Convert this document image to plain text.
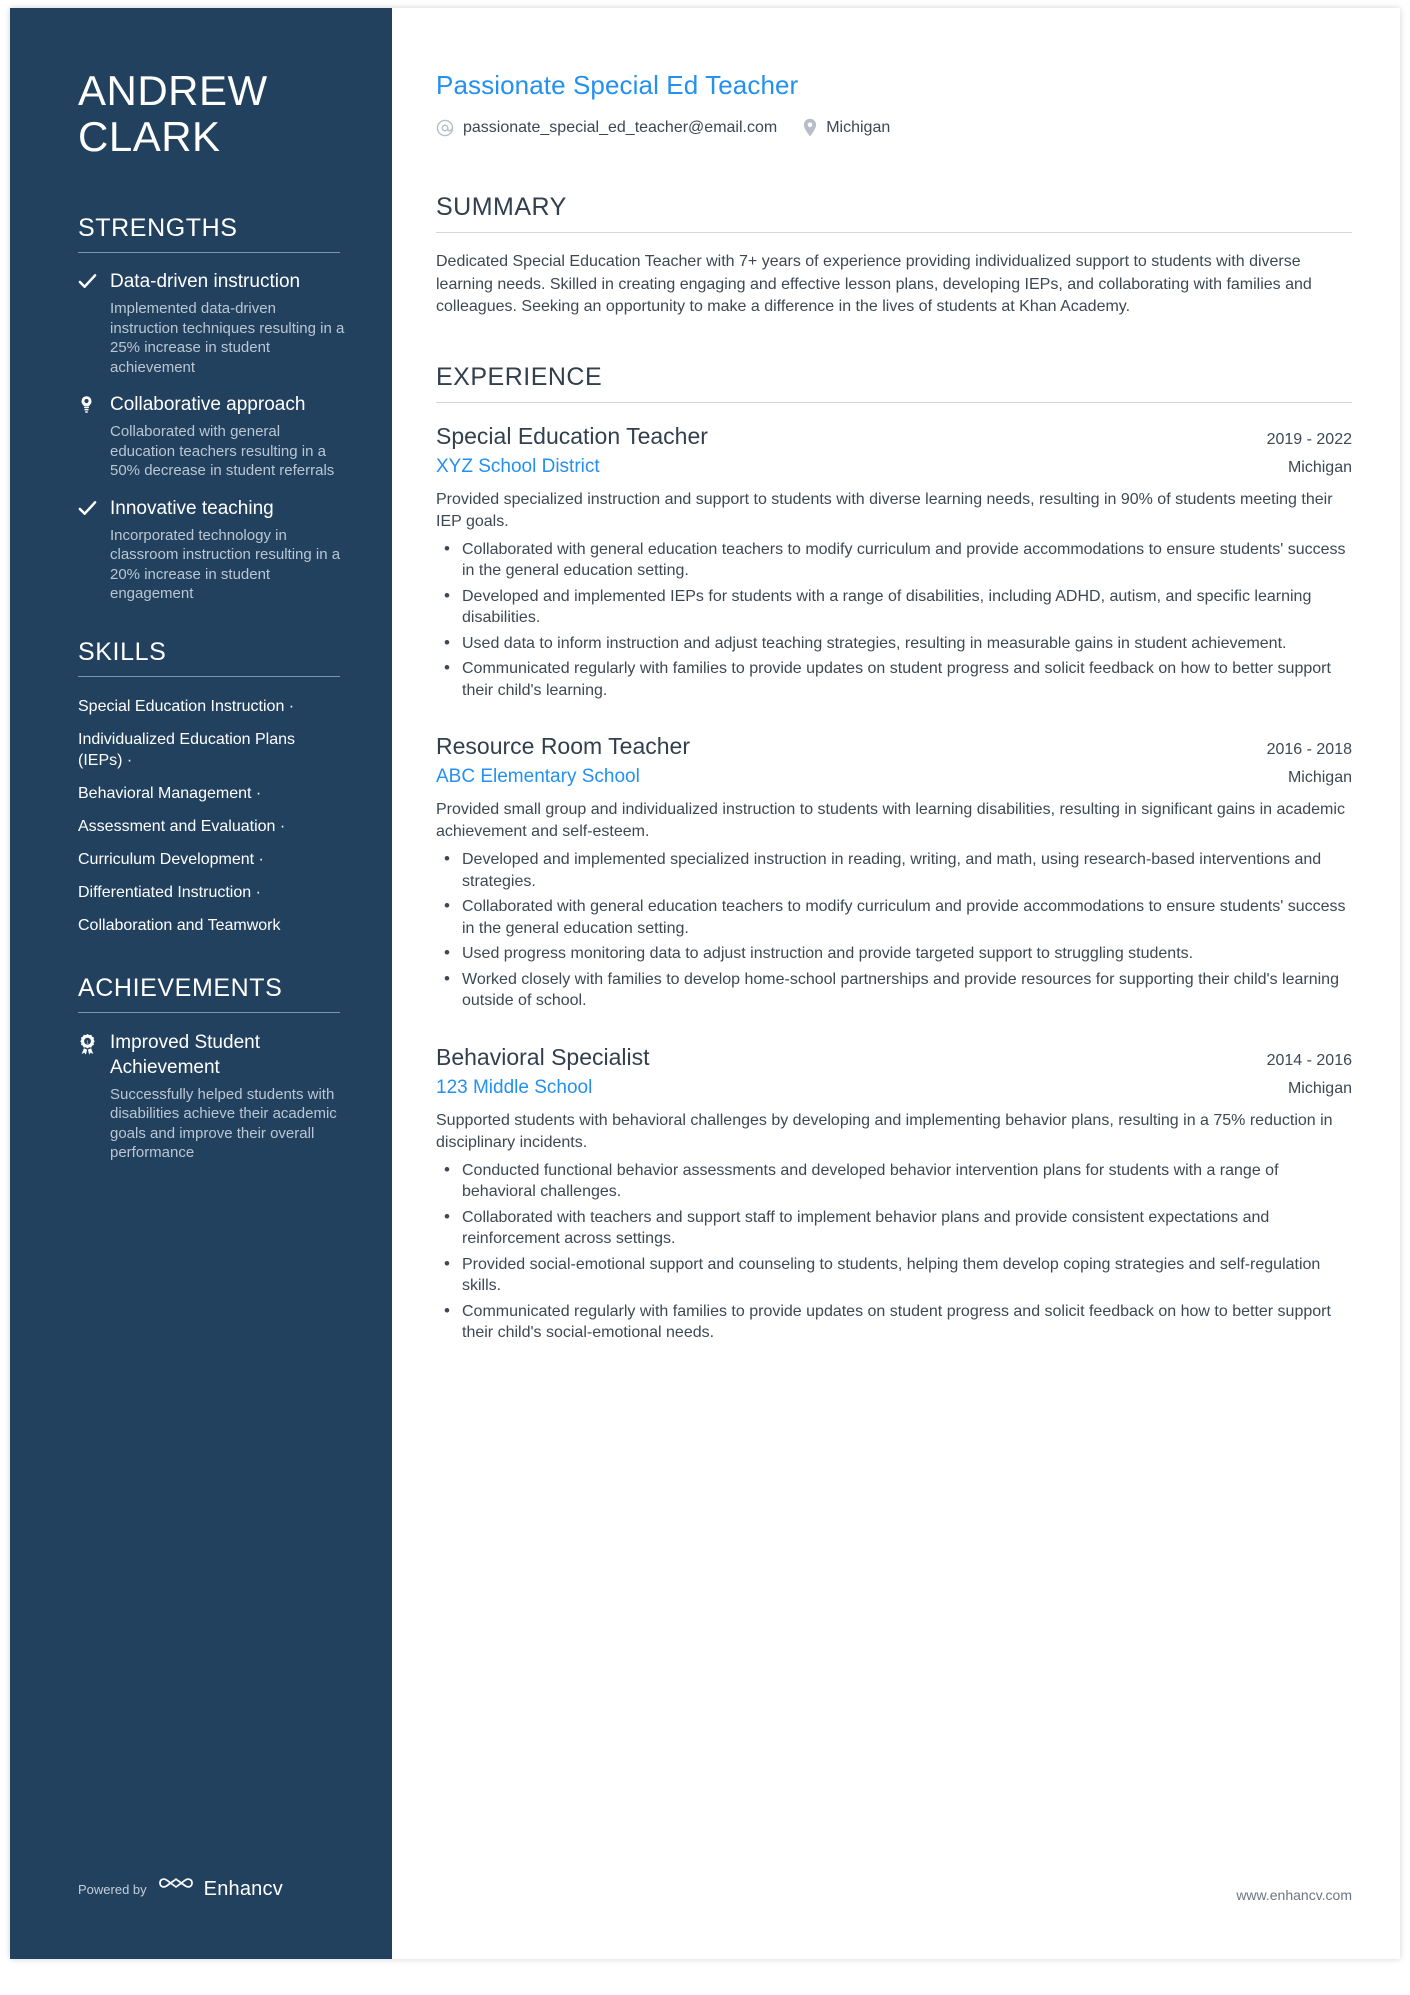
ANDREW
CLARK
STRENGTHS
Data-driven instruction
Implemented data-driven instruction techniques resulting in a 25% increase in student achievement
Collaborative approach
Collaborated with general education teachers resulting in a 50% decrease in student referrals
Innovative teaching
Incorporated technology in classroom instruction resulting in a 20% increase in student engagement
SKILLS
Special Education Instruction ·
Individualized Education Plans (IEPs) ·
Behavioral Management ·
Assessment and Evaluation ·
Curriculum Development ·
Differentiated Instruction ·
Collaboration and Teamwork
ACHIEVEMENTS
1 Improved Student Achievement
Successfully helped students with disabilities achieve their academic goals and improve their overall performance
Powered by	Enhancv
Passionate Special Ed Teacher
passionate_special_ed_teacher@email.com	Michigan
SUMMARY

Dedicated Special Education Teacher with 7+ years of experience providing individualized support to students with diverse learning needs. Skilled in creating engaging and effective lesson plans, developing IEPs, and collaborating with families and colleagues. Seeking an opportunity to make a difference in the lives of students at Khan Academy.

EXPERIENCE
Special Education Teacher	2019 - 2022
XYZ School District	Michigan

Provided specialized instruction and support to students with diverse learning needs, resulting in 90% of students meeting their IEP goals.

• Collaborated with general education teachers to modify curriculum and provide accommodations to ensure students' success in the general education setting.
• Developed and implemented IEPs for students with a range of disabilities, including ADHD, autism, and specific learning disabilities.
• Used data to inform instruction and adjust teaching strategies, resulting in measurable gains in student achievement.
• Communicated regularly with families to provide updates on student progress and solicit feedback on how to better support their child's learning.
Resource Room Teacher	2016 - 2018
ABC Elementary School	Michigan

Provided small group and individualized instruction to students with learning disabilities, resulting in significant gains in academic achievement and self-esteem.

• Developed and implemented specialized instruction in reading, writing, and math, using research-based interventions and strategies.
• Collaborated with general education teachers to modify curriculum and provide accommodations to ensure students' success in the general education setting.
• Used progress monitoring data to adjust instruction and provide targeted support to struggling students.
• Worked closely with families to develop home-school partnerships and provide resources for supporting their child's learning outside of school.
Behavioral Specialist	2014 - 2016
123 Middle School	Michigan

Supported students with behavioral challenges by developing and implementing behavior plans, resulting in a 75% reduction in disciplinary incidents.

• Conducted functional behavior assessments and developed behavior intervention plans for students with a range of behavioral challenges.
• Collaborated with teachers and support staff to implement behavior plans and provide consistent expectations and reinforcement across settings.
• Provided social-emotional support and counseling to students, helping them develop coping strategies and self-regulation skills.
• Communicated regularly with families to provide updates on student progress and solicit feedback on how to better support their child's social-emotional needs.
www.enhancv.com
